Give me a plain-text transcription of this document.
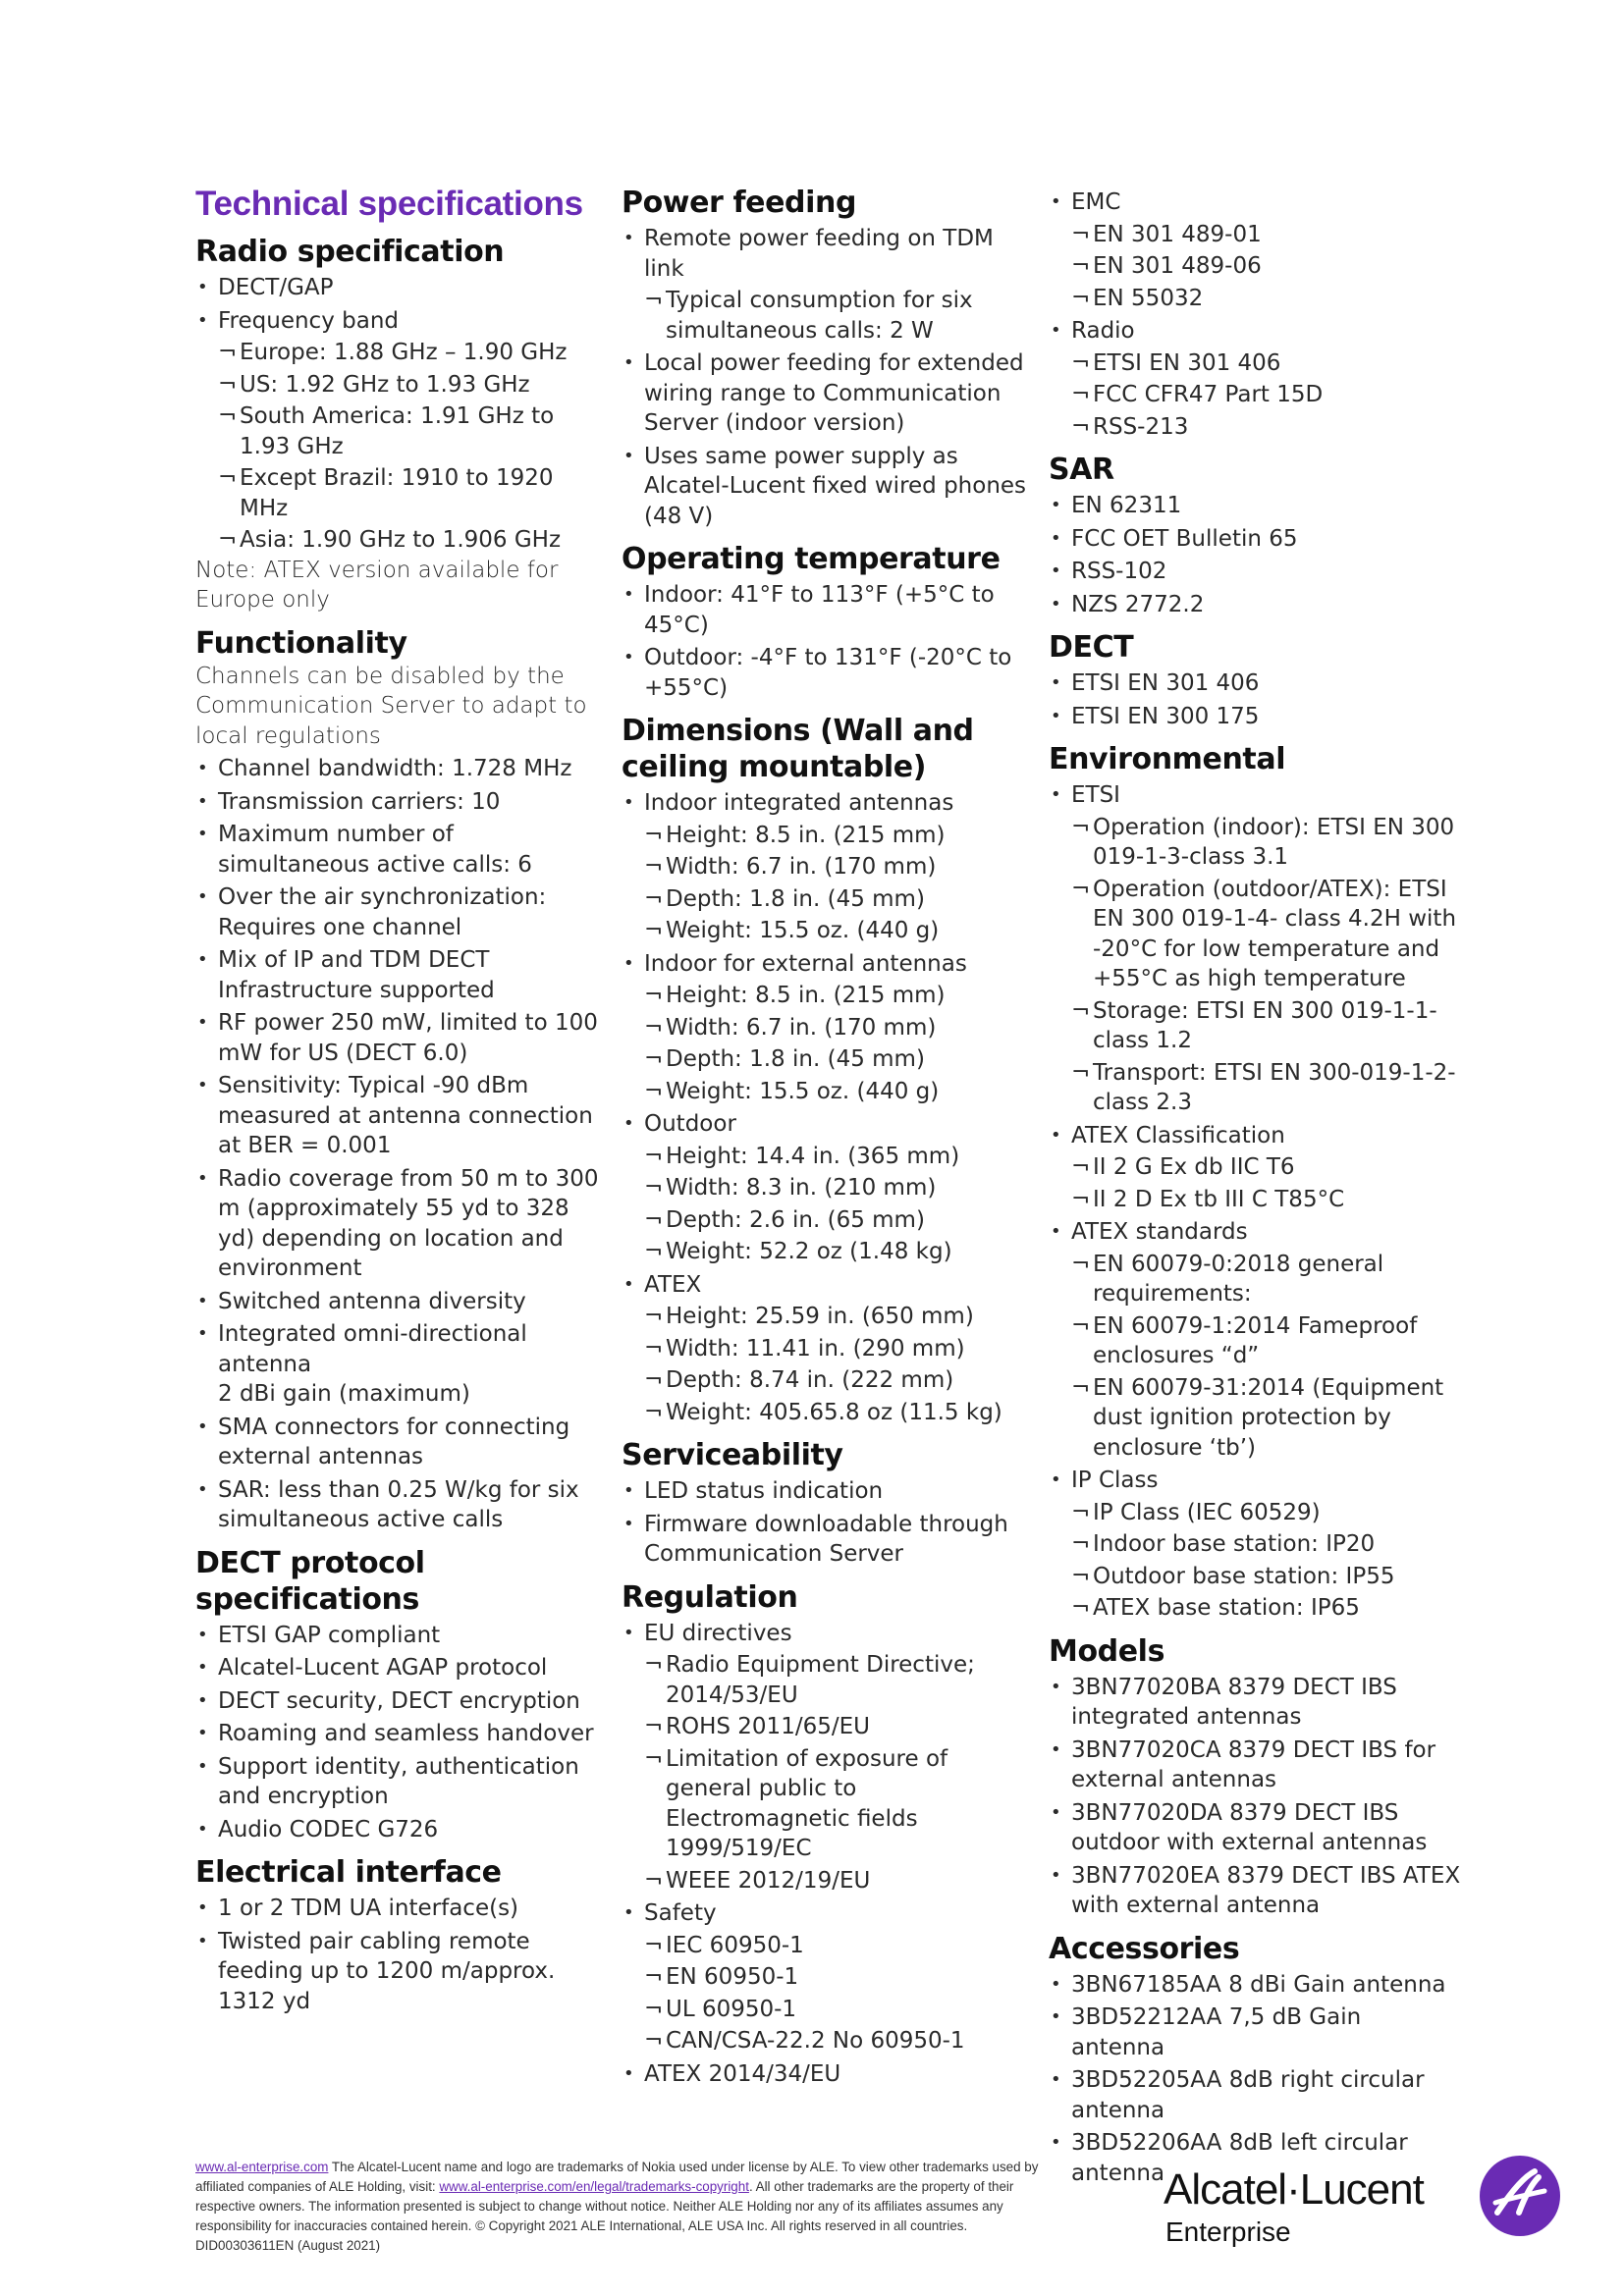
Technical specifications
Radio specification
• DECT/GAP
• Frequency band
¬ Europe: 1.88 GHz – 1.90 GHz
¬ US: 1.92 GHz to 1.93 GHz
¬ South America: 1.91 GHz to 1.93 GHz
¬ Except Brazil: 1910 to 1920 MHz
¬ Asia: 1.90 GHz to 1.906 GHz

Note: ATEX version available for Europe only

Functionality

Channels can be disabled by the Communication Server to adapt to local regulations

• Channel bandwidth: 1.728 MHz
• Transmission carriers: 10
• Maximum number of simultaneous active calls: 6
• Over the air synchronization: Requires one channel
• Mix of IP and TDM DECT Infrastructure supported
• RF power 250 mW, limited to 100 mW for US (DECT 6.0)
• Sensitivity: Typical -90 dBm measured at antenna connection at BER = 0.001
• Radio coverage from 50 m to 300 m (approximately 55 yd to 328 yd) depending on location and environment
• Switched antenna diversity
• Integrated omni-directional antenna
2 dBi gain (maximum)
• SMA connectors for connecting external antennas
• SAR: less than 0.25 W/kg for six simultaneous active calls
DECT protocol specifications
• ETSI GAP compliant
• Alcatel-Lucent AGAP protocol
• DECT security, DECT encryption
• Roaming and seamless handover
• Support identity, authentication and encryption
• Audio CODEC G726
Electrical interface
• 1 or 2 TDM UA interface(s)
• Twisted pair cabling remote feeding up to 1200 m/approx. 1312 yd
Power feeding
• Remote power feeding on TDM link
¬ Typical consumption for six simultaneous calls: 2 W
• Local power feeding for extended wiring range to Communication Server (indoor version)
• Uses same power supply as Alcatel-Lucent fixed wired phones (48 V)
Operating temperature
• Indoor: 41°F to 113°F (+5°C to 45°C)
• Outdoor: -4°F to 131°F (-20°C to +55°C)
Dimensions (Wall and ceiling mountable)
• Indoor integrated antennas
¬ Height: 8.5 in. (215 mm)
¬ Width: 6.7 in. (170 mm)
¬ Depth: 1.8 in. (45 mm)
¬ Weight: 15.5 oz. (440 g)
• Indoor for external antennas
¬ Height: 8.5 in. (215 mm)
¬ Width: 6.7 in. (170 mm)
¬ Depth: 1.8 in. (45 mm)
¬ Weight: 15.5 oz. (440 g)
• Outdoor
¬ Height: 14.4 in. (365 mm)
¬ Width: 8.3 in. (210 mm)
¬ Depth: 2.6 in. (65 mm)
¬ Weight: 52.2 oz (1.48 kg)
• ATEX
¬ Height: 25.59 in. (650 mm)
¬ Width: 11.41 in. (290 mm)
¬ Depth: 8.74 in. (222 mm)
¬ Weight: 405.65.8 oz (11.5 kg)
Serviceability
• LED status indication
• Firmware downloadable through Communication Server
Regulation
• EU directives
¬ Radio Equipment Directive; 2014/53/EU
¬ ROHS 2011/65/EU
¬ Limitation of exposure of general public to Electromagnetic fields 1999/519/EC
¬ WEEE 2012/19/EU
• Safety
¬ IEC 60950-1
¬ EN 60950-1
¬ UL 60950-1
¬ CAN/CSA-22.2 No 60950-1
• ATEX 2014/34/EU
• EMC
¬ EN 301 489-01
¬ EN 301 489-06
¬ EN 55032
• Radio
¬ ETSI EN 301 406
¬ FCC CFR47 Part 15D
¬ RSS-213
SAR
• EN 62311
• FCC OET Bulletin 65
• RSS-102
• NZS 2772.2
DECT
• ETSI EN 301 406
• ETSI EN 300 175
Environmental
• ETSI
¬ Operation (indoor): ETSI EN 300 019-1-3-class 3.1
¬ Operation (outdoor/ATEX): ETSI EN 300 019-1-4- class 4.2H with -20°C for low temperature and +55°C as high temperature
¬ Storage: ETSI EN 300 019-1-1-class 1.2
¬ Transport: ETSI EN 300-019-1-2-class 2.3
• ATEX Classification
¬ II 2 G Ex db IIC T6
¬ II 2 D Ex tb III C T85°C
• ATEX standards
¬ EN 60079-0:2018 general requirements:
¬ EN 60079-1:2014 Fameproof enclosures “d”
¬ EN 60079-31:2014 (Equipment dust ignition protection by enclosure ‘tb’)
• IP Class
¬ IP Class (IEC 60529)
¬ Indoor base station: IP20
¬ Outdoor base station: IP55
¬ ATEX base station: IP65
Models
• 3BN77020BA 8379 DECT IBS integrated antennas
• 3BN77020CA 8379 DECT IBS for external antennas
• 3BN77020DA 8379 DECT IBS outdoor with external antennas
• 3BN77020EA 8379 DECT IBS ATEX with external antenna
Accessories
• 3BN67185AA 8 dBi Gain antenna
• 3BD52212AA 7,5 dB Gain antenna
• 3BD52205AA 8dB right circular antenna
• 3BD52206AA 8dB left circular antenna
www.al-enterprise.com The Alcatel-Lucent name and logo are trademarks of Nokia used under license by ALE. To view other trademarks used by affiliated companies of ALE Holding, visit: www.al-enterprise.com/en/legal/trademarks-copyright. All other trademarks are the property of their respective owners. The information presented is subject to change without notice. Neither ALE Holding nor any of its affiliates assumes any responsibility for inaccuracies contained herein. © Copyright 2021 ALE International, ALE USA Inc. All rights reserved in all countries. DID00303611EN (August 2021)
Alcatel·Lucent
Enterprise
